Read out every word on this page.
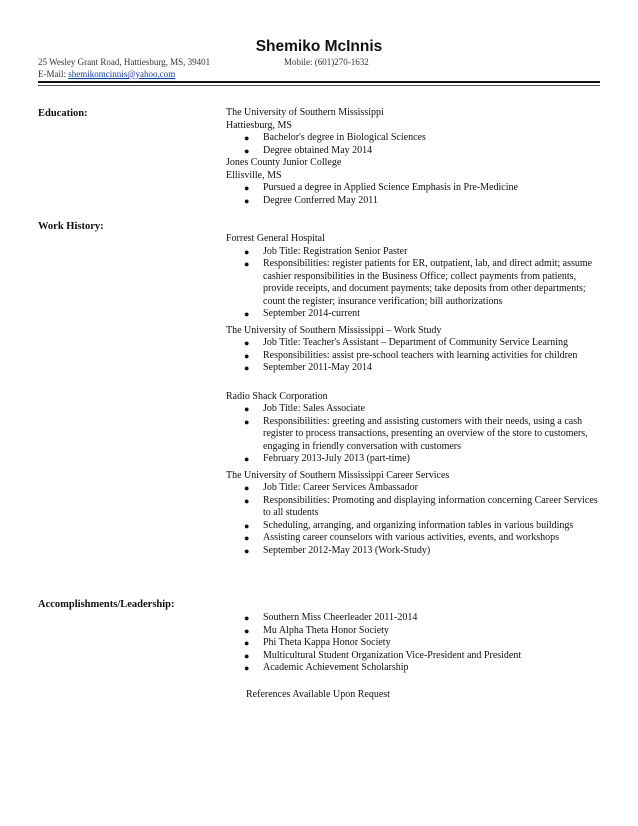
Shemiko McInnis
25 Wesley Grant Road, Hattiesburg, MS, 39401	Mobile: (601)270-1632
E-Mail: shemikomcinnis@yahoo.com
Education:	The University of Southern Mississippi

Hattiesburg, MS

● Bachelor's degree in Biological Sciences
● Degree obtained May 2014

Jones County Junior College

Ellisville, MS

● Pursued a degree in Applied Science Emphasis in Pre-Medicine
● Degree Conferred May 2011
Work History:

Forrest General Hospital

● Job Title: Registration Senior Paster
● Responsibilities: register patients for ER, outpatient, lab, and direct admit; assume cashier responsibilities in the Business Office; collect payments from patients, provide receipts, and document payments; take deposits from other departments; count the register; insurance verification; bill authorizations
● September 2014-current

The University of Southern Mississippi – Work Study

● Job Title: Teacher's Assistant – Department of Community Service Learning
● Responsibilities: assist pre-school teachers with learning activities for children
● September 2011-May 2014

Radio Shack Corporation

● Job Title: Sales Associate
● Responsibilities: greeting and assisting customers with their needs, using a cash register to process transactions, presenting an overview of the store to customers, engaging in friendly conversation with customers
● February 2013-July 2013 (part-time)

The University of Southern Mississippi Career Services

● Job Title: Career Services Ambassador
● Responsibilities: Promoting and displaying information concerning Career Services to all students
● Scheduling, arranging, and organizing information tables in various buildings
● Assisting career counselors with various activities, events, and workshops
● September 2012-May 2013 (Work-Study)
Accomplishments/Leadership:
● Southern Miss Cheerleader 2011-2014
● Mu Alpha Theta Honor Society
● Phi Theta Kappa Honor Society
● Multicultural Student Organization Vice-President and President
● Academic Achievement Scholarship

References Available Upon Request
